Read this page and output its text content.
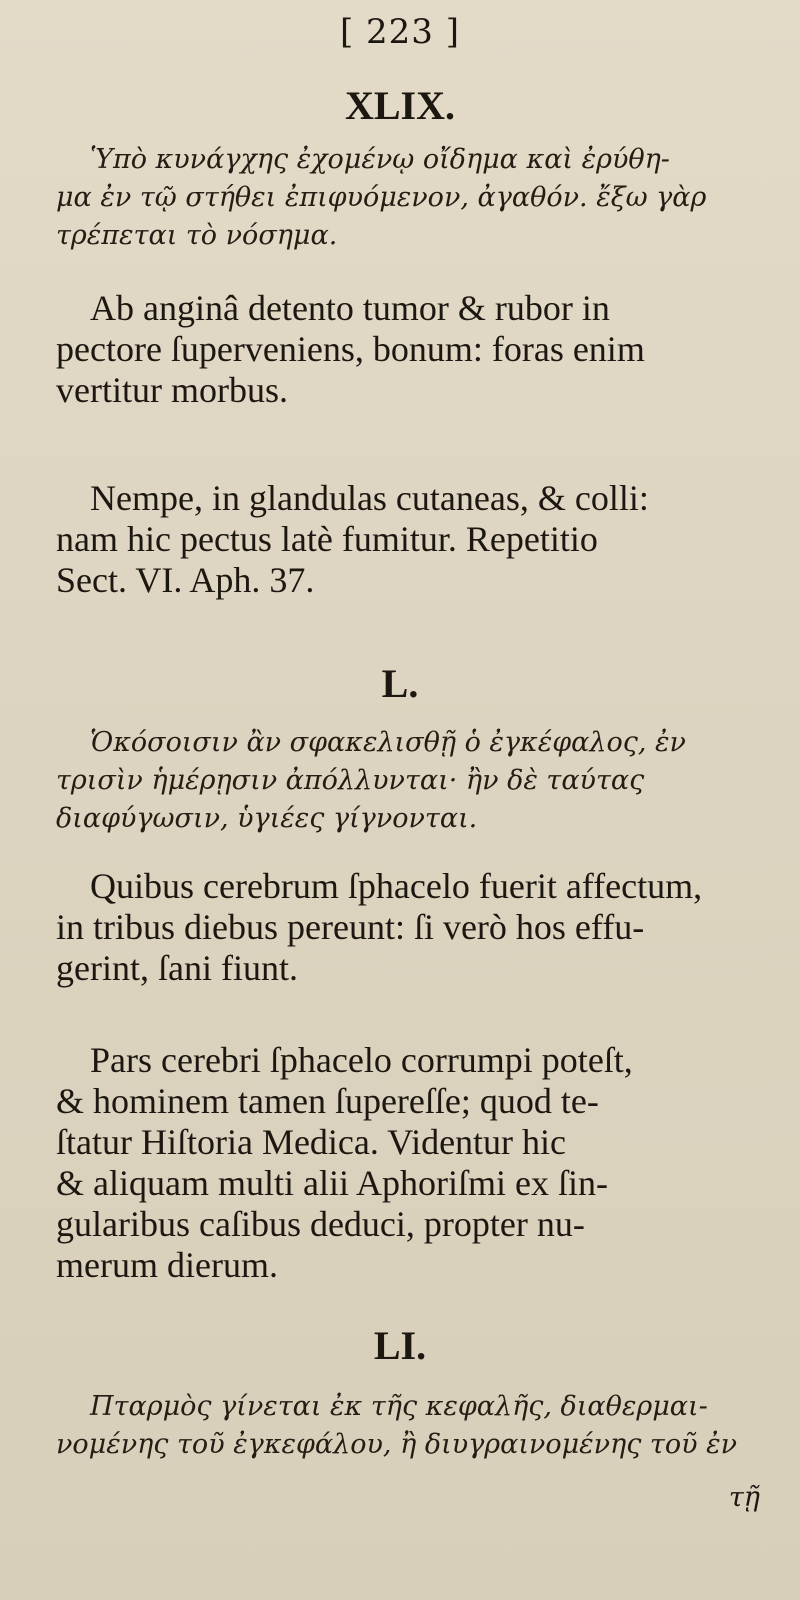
[ 223 ]
XLIX.
Ὑπὸ κυνάγχης ἐχομένῳ οἴδημα καὶ ἐρύθη-
μα ἐν τῷ στήθει ἐπιφυόμενον, ἀγαθόν. ἔξω γὰρ
τρέπεται τὸ νόσημα.
Ab anginâ detento tumor & rubor in
pectore ſuperveniens, bonum: foras enim
vertitur morbus.
Nempe, in glandulas cutaneas, & colli:
nam hic pectus latè fumitur. Repetitio
Sect. VI. Aph. 37.
L.
Ὁκόσοισιν ἂν σφακελισθῇ ὁ ἐγκέφαλος, ἐν
τρισὶν ἡμέρῃσιν ἀπόλλυνται· ἢν δὲ ταύτας
διαφύγωσιν, ὑγιέες γίγνονται.
Quibus cerebrum ſphacelo fuerit affectum,
in tribus diebus pereunt: ſi verò hos effu-
gerint, ſani fiunt.
Pars cerebri ſphacelo corrumpi poteſt,
& hominem tamen ſupereſſe; quod te-
ſtatur Hiſtoria Medica. Videntur hic
& aliquam multi alii Aphoriſmi ex ſin-
gularibus caſibus deduci, propter nu-
merum dierum.
LI.
Πταρμὸς γίνεται ἐκ τῆς κεφαλῆς, διαθερμαι-
νομένης τοῦ ἐγκεφάλου, ἢ διυγραινομένης τοῦ ἐν
τῇ
